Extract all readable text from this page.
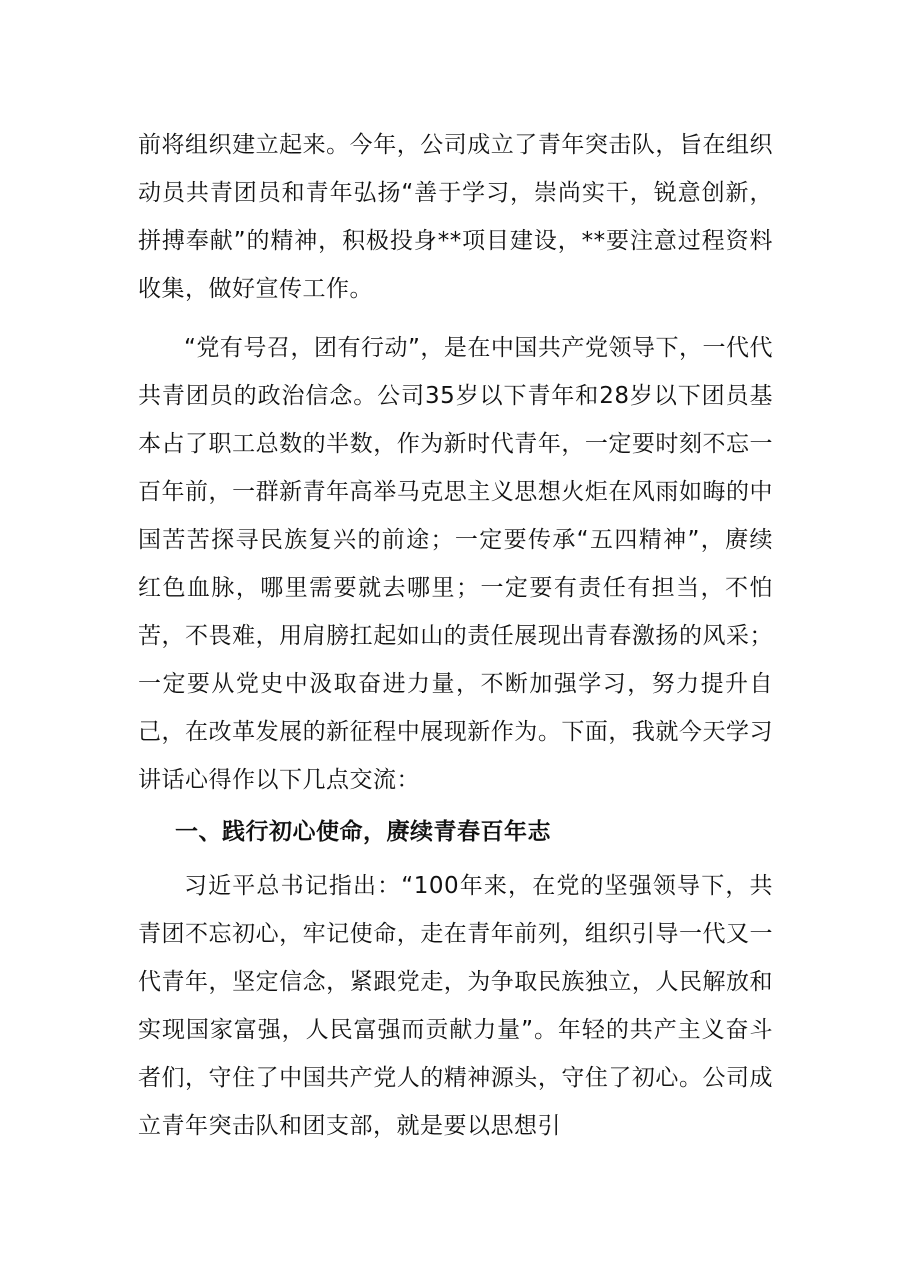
前将组织建立起来。今年，公司成立了青年突击队，旨在组织动员共青团员和青年弘扬“善于学习，崇尚实干，锐意创新，拼搏奉献”的精神，积极投身**项目建设，**要注意过程资料收集，做好宣传工作。

“党有号召，团有行动”，是在中国共产党领导下，一代代共青团员的政治信念。公司35岁以下青年和28岁以下团员基本占了职工总数的半数，作为新时代青年，一定要时刻不忘一百年前，一群新青年高举马克思主义思想火炬在风雨如晦的中国苦苦探寻民族复兴的前途；一定要传承“五四精神”，赓续红色血脉，哪里需要就去哪里；一定要有责任有担当，不怕苦，不畏难，用肩膀扛起如山的责任展现出青春激扬的风采；一定要从党史中汲取奋进力量，不断加强学习，努力提升自己，在改革发展的新征程中展现新作为。下面，我就今天学习讲话心得作以下几点交流：

一、践行初心使命，赓续青春百年志

习近平总书记指出：“100年来，在党的坚强领导下，共青团不忘初心，牢记使命，走在青年前列，组织引导一代又一代青年，坚定信念，紧跟党走，为争取民族独立，人民解放和实现国家富强，人民富强而贡献力量”。年轻的共产主义奋斗者们，守住了中国共产党人的精神源头，守住了初心。公司成立青年突击队和团支部，就是要以思想引
